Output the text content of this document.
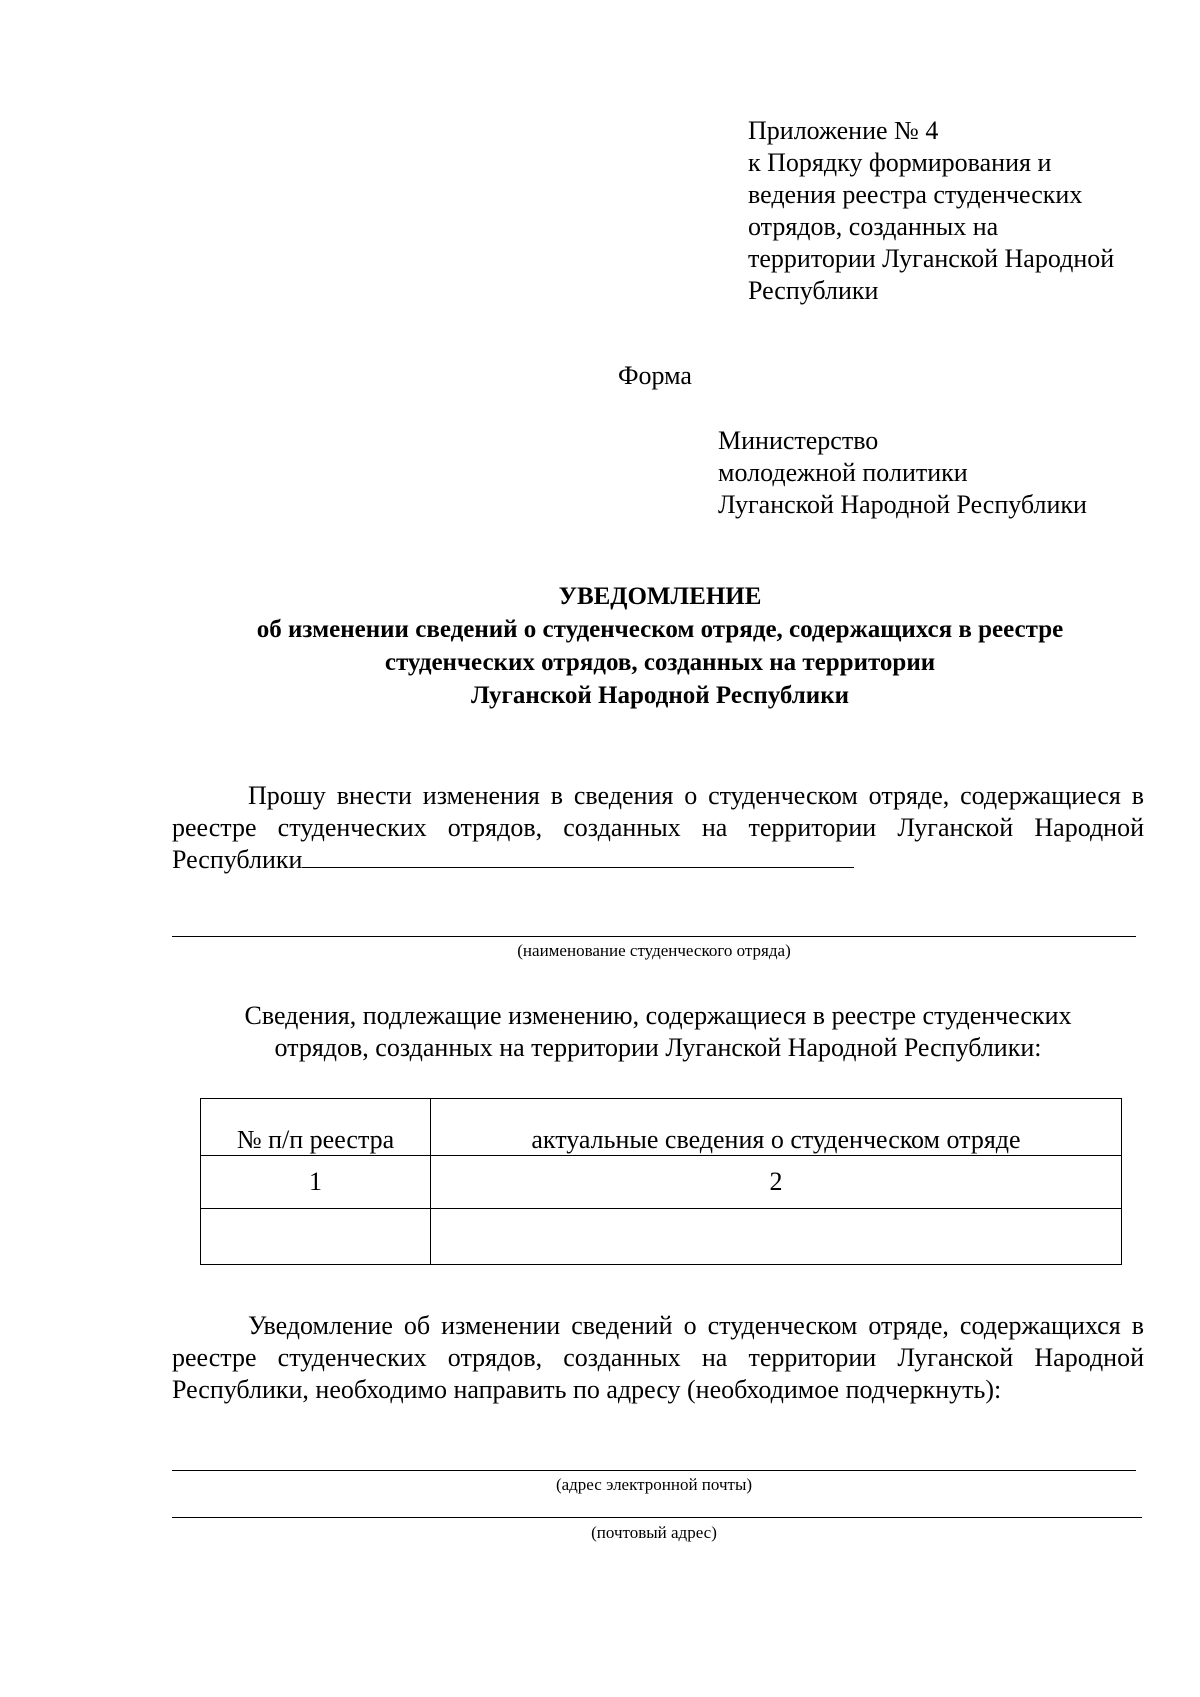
Приложение № 4
к Порядку формирования и
ведения реестра студенческих
отрядов, созданных на
территории Луганской Народной
Республики
Форма
Министерство
молодежной политики
Луганской Народной Республики
УВЕДОМЛЕНИЕ
об изменении сведений о студенческом отряде, содержащихся в реестре
студенческих отрядов, созданных на территории
Луганской Народной Республики
Прошу внести изменения в сведения о студенческом отряде, содержащиеся в реестре студенческих отрядов, созданных на территории Луганской Народной Республики
(наименование студенческого отряда)
Сведения, подлежащие изменению, содержащиеся в реестре студенческих
отрядов, созданных на территории Луганской Народной Республики:
№ п/п реестра	актуальные сведения о студенческом отряде
1	2

Уведомление об изменении сведений о студенческом отряде, содержащихся в реестре студенческих отрядов, созданных на территории Луганской Народной Республики, необходимо направить по адресу (необходимое подчеркнуть):
(адрес электронной почты)
(почтовый адрес)
